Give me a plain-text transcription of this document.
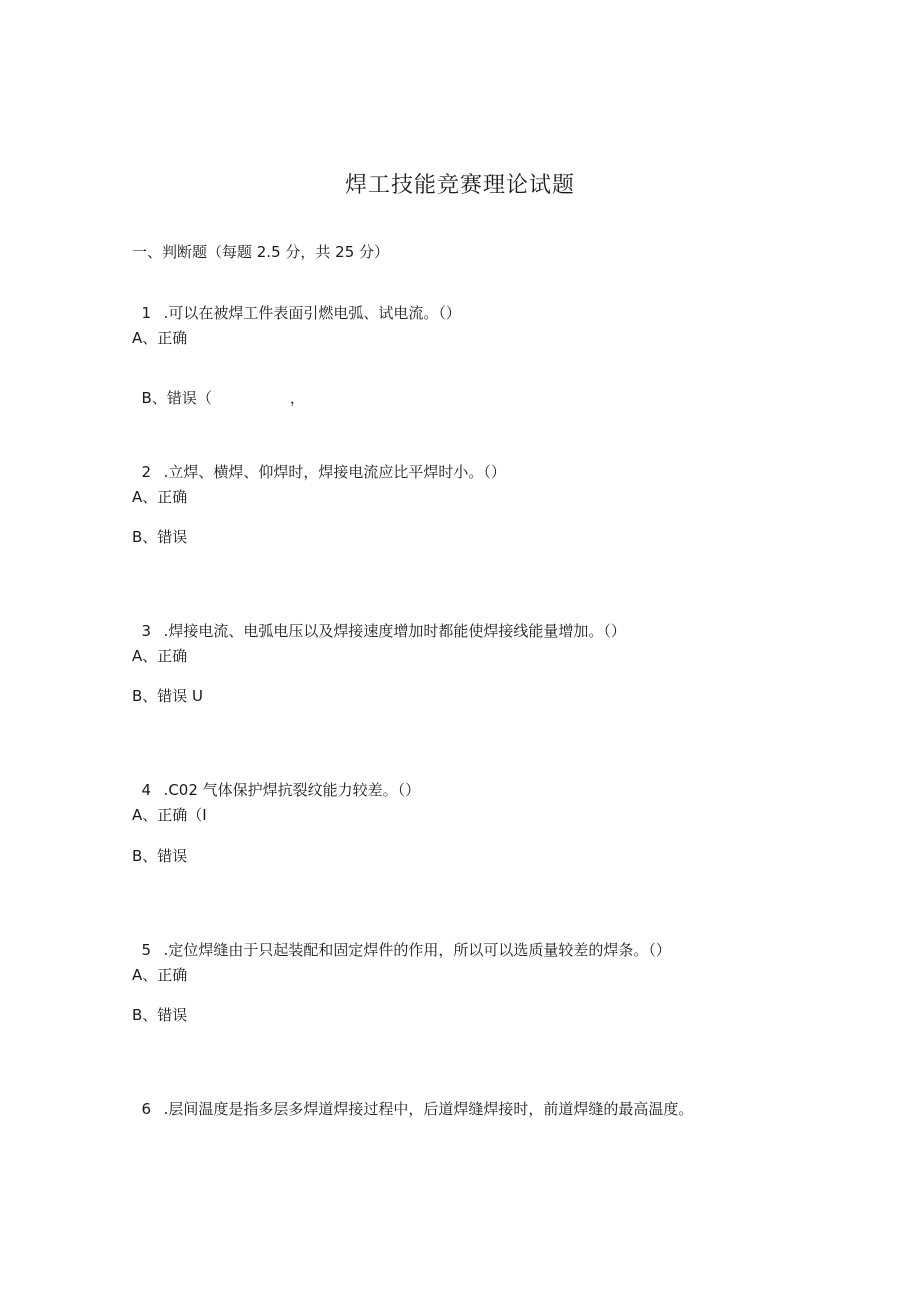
焊工技能竞赛理论试题
一、判断题（每题 2.5 分，共 25 分）

1 .可以在被焊工件表面引燃电弧、试电流。（）

A、正确

B、错误（	，

2 .立焊、横焊、仰焊时，焊接电流应比平焊时小。（）

A、正确
B、错误

3 .焊接电流、电弧电压以及焊接速度增加时都能使焊接线能量增加。（）

A、正确
B、错误 U

4 .C02 气体保护焊抗裂纹能力较差。（）

A、正确（I
B、错误

5 .定位焊缝由于只起装配和固定焊件的作用，所以可以选质量较差的焊条。（）

A、正确
B、错误

6 .层间温度是指多层多焊道焊接过程中，后道焊缝焊接时，前道焊缝的最高温度。
